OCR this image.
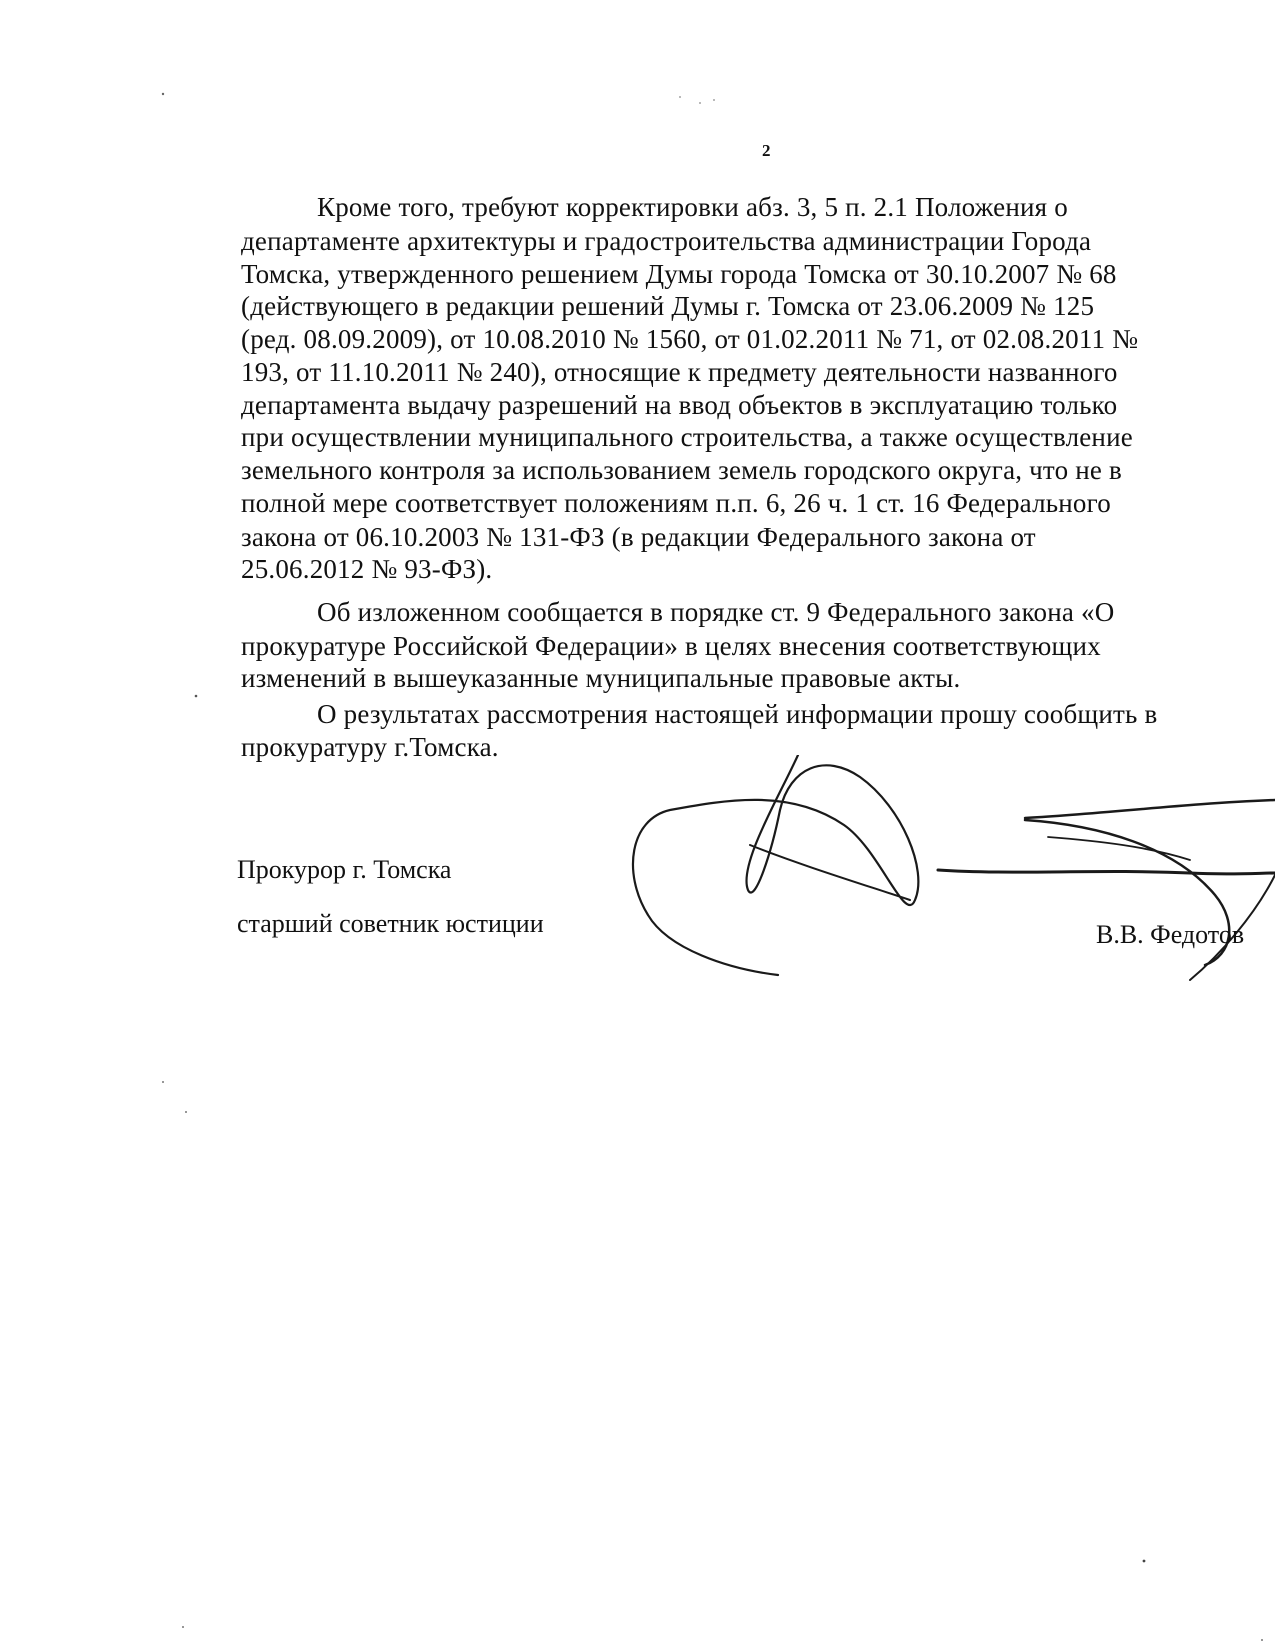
2
Кроме того, требуют корректировки абз. 3, 5 п. 2.1 Положения о
департаменте архитектуры и градостроительства администрации Города
Томска, утвержденного решением Думы города Томска от 30.10.2007 № 68
(действующего в редакции решений Думы г. Томска от 23.06.2009 № 125
(ред. 08.09.2009), от 10.08.2010 № 1560, от 01.02.2011 № 71, от 02.08.2011 №
193, от 11.10.2011 № 240), относящие к предмету деятельности названного
департамента выдачу разрешений на ввод объектов в эксплуатацию только
при осуществлении муниципального строительства, а также осуществление
земельного контроля за использованием земель городского округа, что не в
полной мере соответствует положениям п.п. 6, 26 ч. 1 ст. 16 Федерального
закона от 06.10.2003 № 131-ФЗ (в редакции Федерального закона от
25.06.2012 № 93-ФЗ).
Об изложенном сообщается в порядке ст. 9 Федерального закона «О
прокуратуре Российской Федерации» в целях внесения соответствующих
изменений в вышеуказанные муниципальные правовые акты.
О результатах рассмотрения настоящей информации прошу сообщить в
прокуратуру г.Томска.
Прокурор г. Томска
старший советник юстиции	В.В. Федотов
